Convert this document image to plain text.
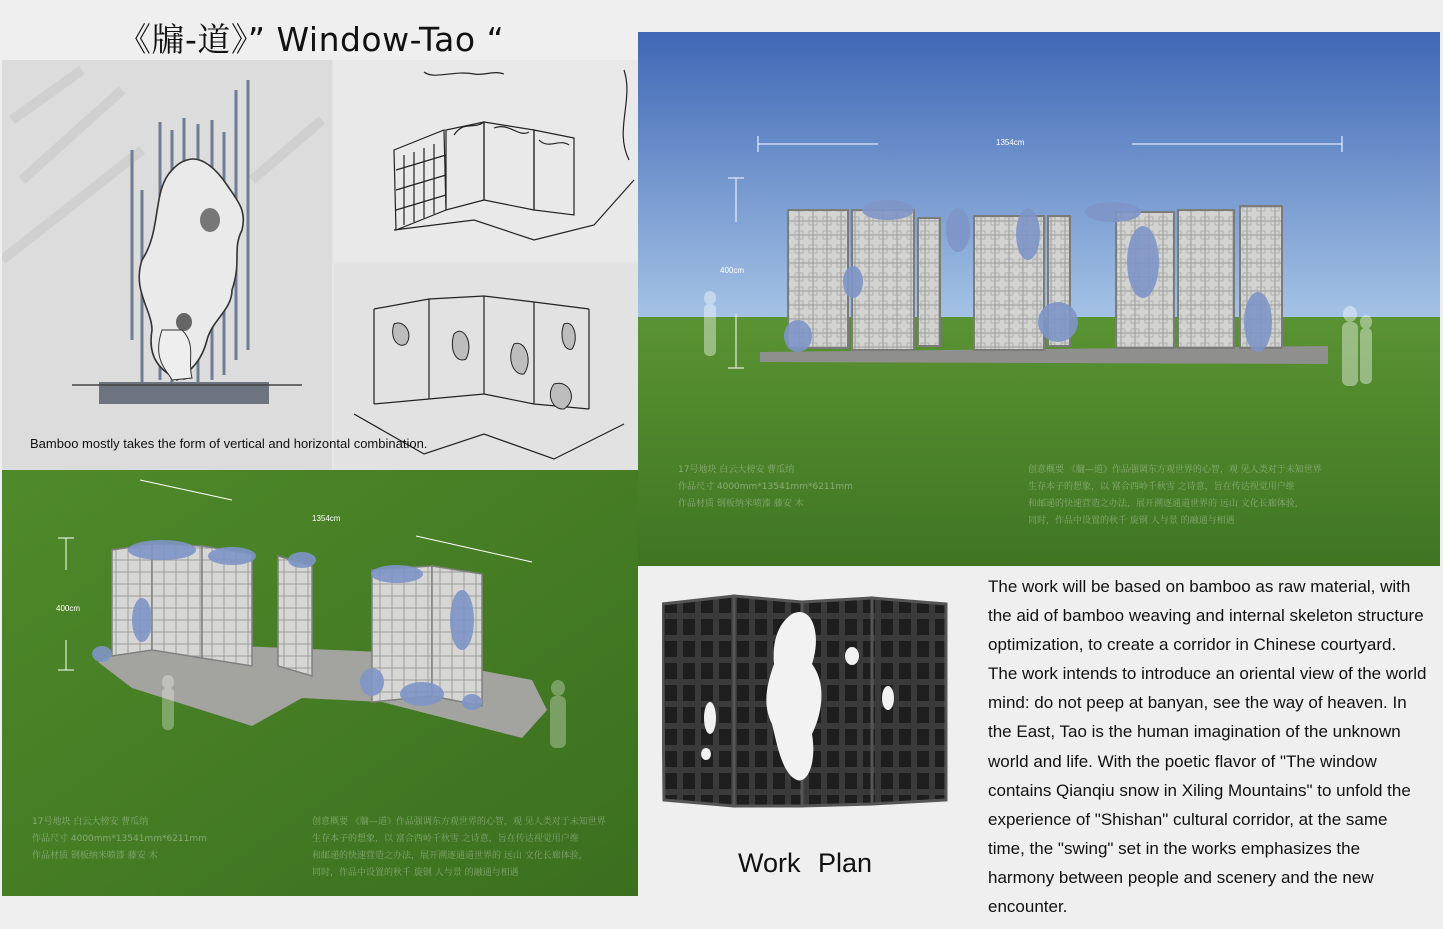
《牖-道》” Window-Tao “
Bamboo mostly takes the form of vertical and horizontal combination.
1354cm
400cm
17号地块 白云大榜安 曹瓜纳
作品尺寸 4000mm*13541mm*6211mm
作品材质 钢板纳米喷漆 藤安 木
创意概要 《牖—道》作品强调东方观世界的心智，观 见人类对于未知世界
生存本子的想象，以 富合西岭千秋雪 之诗意，旨在传达视觉用户维
和邮递的快速营造之办法，展开溯逐通道世界的 远山 文化长廊体验，
同时，作品中设置的秋千 旋钢 人与景 的融通与相遇
1354cm
400cm
17号地块 白云大榜安 曹瓜纳
作品尺寸 4000mm*13541mm*6211mm
作品材质 钢板纳米喷漆 藤安 木
创意概要 《牖—道》作品强调东方观世界的心智，观 见人类对于未知世界
生存本子的想象，以 富合西岭千秋雪 之诗意，旨在传达视觉用户维
和邮递的快速营造之办法，展开溯逐通道世界的 远山 文化长廊体验，
同时，作品中设置的秋千 旋钢 人与景 的融通与相遇	Work Plan
The work will be based on bamboo as raw material, with the aid of bamboo weaving and internal skeleton structure optimization, to create a corridor in Chinese courtyard. The work intends to introduce an oriental view of the world mind: do not peep at banyan, see the way of heaven. In the East, Tao is the human imagination of the unknown world and life. With the poetic flavor of "The window contains Qianqiu snow in Xiling Mountains" to unfold the experience of "Shishan" cultural corridor, at the same time, the "swing" set in the works emphasizes the harmony between people and scenery and the new encounter.
